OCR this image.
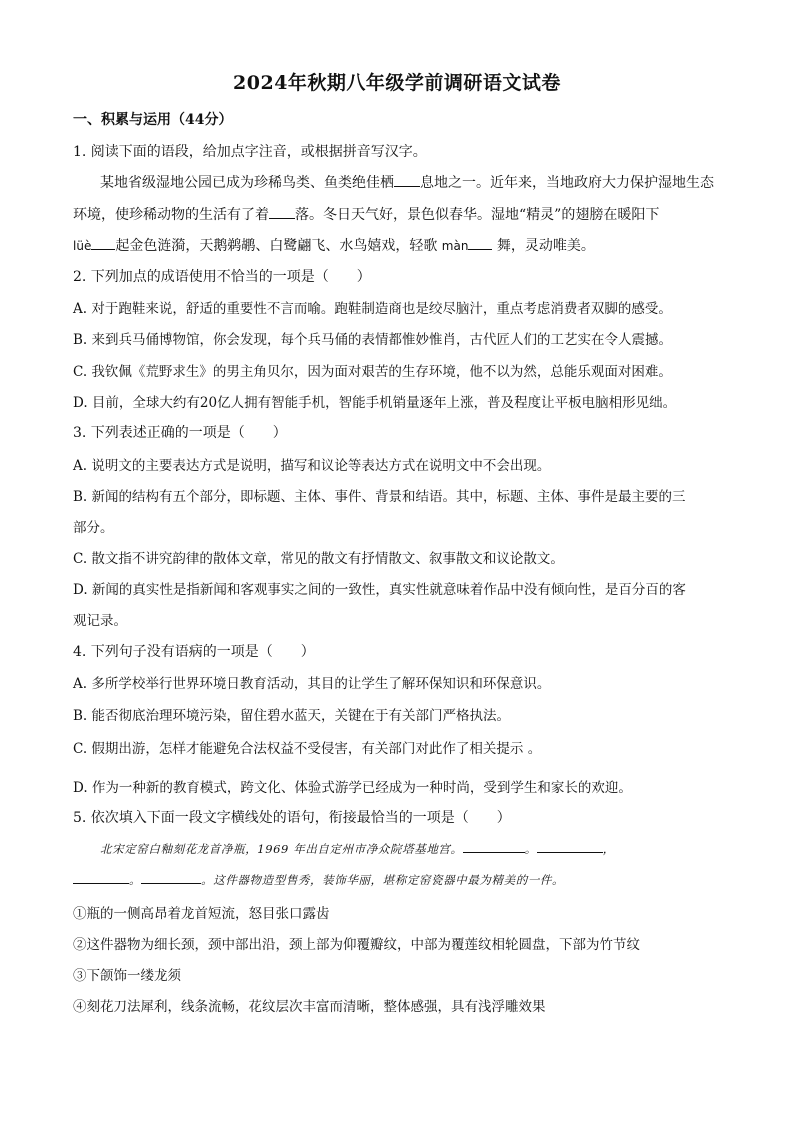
2024年秋期八年级学前调研语文试卷
一、积累与运用（44分）
1. 阅读下面的语段，给加点字注音，或根据拼音写汉字。
某地省级湿地公园已成为珍稀鸟类、鱼类绝佳栖 息地之一。近年来，当地政府大力保护湿地生态
环境，使珍稀动物的生活有了着 落。冬日天气好，景色似春华。湿地“精灵”的翅膀在暖阳下
lüè 起金色涟漪，天鹅鹈鹕、白鹭翩飞、水鸟嬉戏，轻歌 màn 舞，灵动唯美。
2. 下列加点的成语使用不恰当的一项是（　　）
A. 对于跑鞋来说，舒适的重要性不言而喻。跑鞋制造商也是绞尽脑汁，重点考虑消费者双脚的感受。
B. 来到兵马俑博物馆，你会发现，每个兵马俑的表情都惟妙惟肖，古代匠人们的工艺实在令人震撼。
C. 我钦佩《荒野求生》的男主角贝尔，因为面对艰苦的生存环境，他不以为然，总能乐观面对困难。
D. 目前，全球大约有20亿人拥有智能手机，智能手机销量逐年上涨，普及程度让平板电脑相形见绌。
3. 下列表述正确的一项是（　　）
A. 说明文的主要表达方式是说明，描写和议论等表达方式在说明文中不会出现。
B. 新闻的结构有五个部分，即标题、主体、事件、背景和结语。其中，标题、主体、事件是最主要的三
部分。
C. 散文指不讲究韵律的散体文章，常见的散文有抒情散文、叙事散文和议论散文。
D. 新闻的真实性是指新闻和客观事实之间的一致性，真实性就意味着作品中没有倾向性，是百分百的客
观记录。
4. 下列句子没有语病的一项是（　　）
A. 多所学校举行世界环境日教育活动，其目的让学生了解环保知识和环保意识。
B. 能否彻底治理环境污染，留住碧水蓝天，关键在于有关部门严格执法。
C. 假期出游，怎样才能避免合法权益不受侵害，有关部门对此作了相关提示 。
D. 作为一种新的教育模式，跨文化、体验式游学已经成为一种时尚，受到学生和家长的欢迎。
5. 依次填入下面一段文字横线处的语句，衔接最恰当的一项是（　　）
北宋定窑白釉刻花龙首净瓶，1969 年出自定州市净众院塔基地宫。	。	，
。	。这件器物造型售秀，装饰华丽，堪称定窑瓷器中最为精美的一件。
①瓶的一侧高昂着龙首短流，怒目张口露齿
②这件器物为细长颈，颈中部出沿，颈上部为仰覆瓣纹，中部为覆莲纹相轮圆盘，下部为竹节纹
③下颌饰一缕龙须
④刻花刀法犀利，线条流畅，花纹层次丰富而清晰，整体感强，具有浅浮雕效果
